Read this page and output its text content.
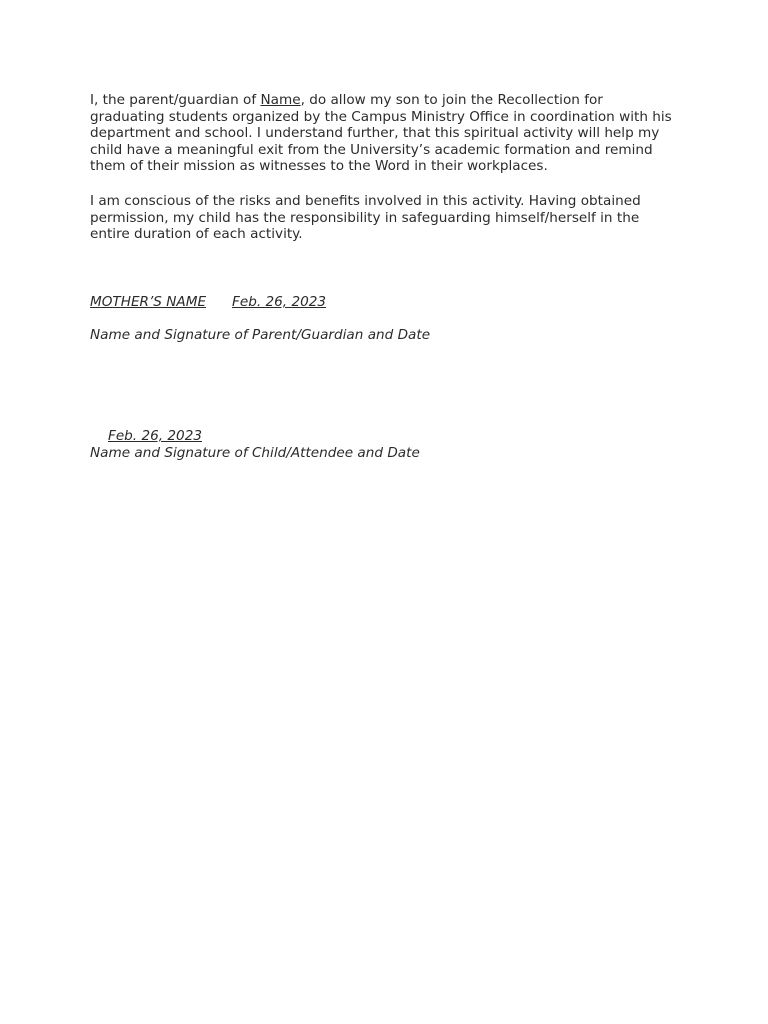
I, the parent/guardian of Name, do allow my son to join the Recollection for graduating students organized by the Campus Ministry Office in coordination with his department and school. I understand further, that this spiritual activity will help my child have a meaningful exit from the University’s academic formation and remind them of their mission as witnesses to the Word in their workplaces.

I am conscious of the risks and benefits involved in this activity. Having obtained permission, my child has the responsibility in safeguarding himself/herself in the entire duration of each activity.

MOTHER’S NAME Feb. 26, 2023
Name and Signature of Parent/Guardian and Date
Feb. 26, 2023
Name and Signature of Child/Attendee and Date
